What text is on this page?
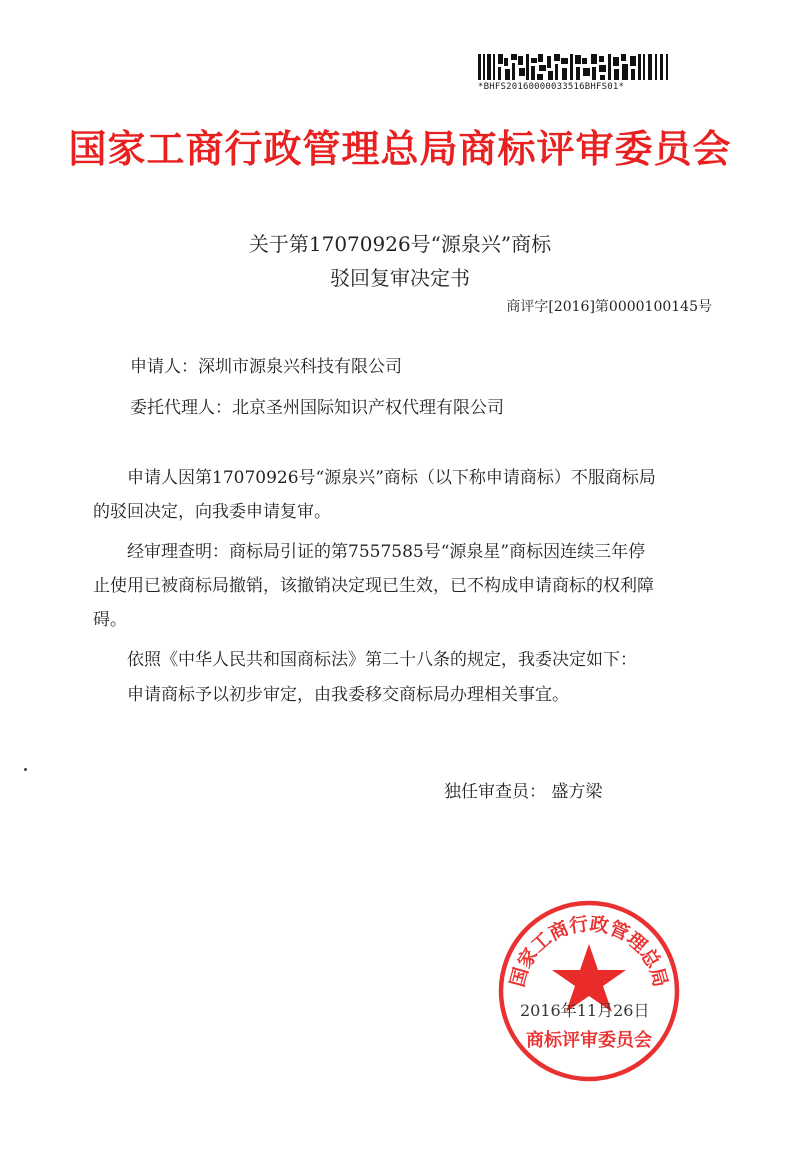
*BHFS20160000033516BHFS01*
国家工商行政管理总局商标评审委员会
关于第17070926号“源泉兴”商标
驳回复审决定书
商评字[2016]第0000100145号
申请人：深圳市源泉兴科技有限公司
委托代理人：北京圣州国际知识产权代理有限公司
申请人因第17070926号“源泉兴”商标（以下称申请商标）不服商标局
的驳回决定，向我委申请复审。
经审理查明：商标局引证的第7557585号“源泉星”商标因连续三年停
止使用已被商标局撤销，该撤销决定现已生效，已不构成申请商标的权利障
碍。
依照《中华人民共和国商标法》第二十八条的规定，我委决定如下：
申请商标予以初步审定，由我委移交商标局办理相关事宜。
独任审查员： 盛方梁
国家工商行政管理总局
商标评审委员会
2016年11月26日
